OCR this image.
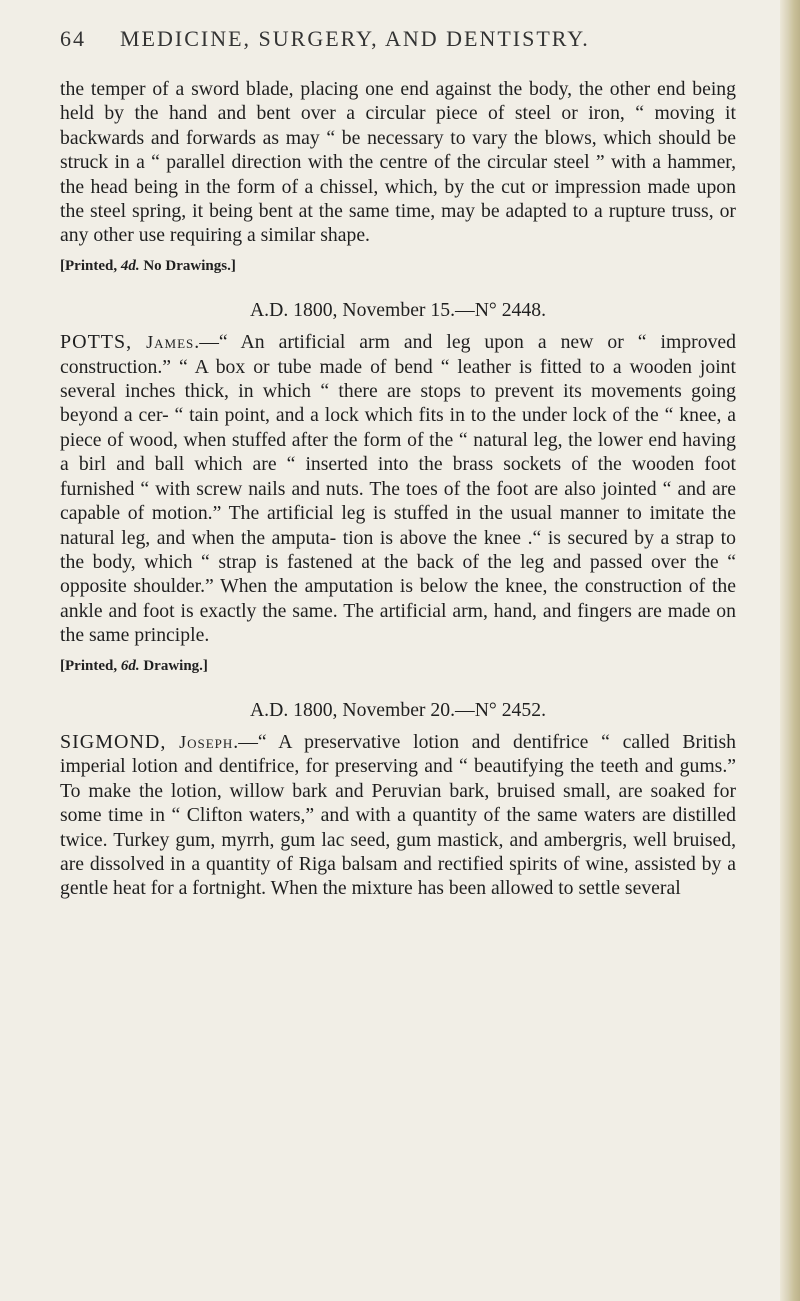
64 MEDICINE, SURGERY, AND DENTISTRY.

the temper of a sword blade, placing one end against the body, the other end being held by the hand and bent over a circular piece of steel or iron, “ moving it backwards and forwards as may “ be necessary to vary the blows, which should be struck in a “ parallel direction with the centre of the circular steel ” with a hammer, the head being in the form of a chissel, which, by the cut or impression made upon the steel spring, it being bent at the same time, may be adapted to a rupture truss, or any other use requiring a similar shape.

[Printed, 4d. No Drawings.]
A.D. 1800, November 15.—N° 2448.

POTTS, James.—“ An artificial arm and leg upon a new or “ improved construction.” “ A box or tube made of bend “ leather is fitted to a wooden joint several inches thick, in which “ there are stops to prevent its movements going beyond a cer- “ tain point, and a lock which fits in to the under lock of the “ knee, a piece of wood, when stuffed after the form of the “ natural leg, the lower end having a birl and ball which are “ inserted into the brass sockets of the wooden foot furnished “ with screw nails and nuts. The toes of the foot are also jointed “ and are capable of motion.” The artificial leg is stuffed in the usual manner to imitate the natural leg, and when the amputa- tion is above the knee .“ is secured by a strap to the body, which “ strap is fastened at the back of the leg and passed over the “ opposite shoulder.” When the amputation is below the knee, the construction of the ankle and foot is exactly the same. The artificial arm, hand, and fingers are made on the same principle.

[Printed, 6d. Drawing.]
A.D. 1800, November 20.—N° 2452.

SIGMOND, Joseph.—“ A preservative lotion and dentifrice “ called British imperial lotion and dentifrice, for preserving and “ beautifying the teeth and gums.” To make the lotion, willow bark and Peruvian bark, bruised small, are soaked for some time in “ Clifton waters,” and with a quantity of the same waters are distilled twice. Turkey gum, myrrh, gum lac seed, gum mastick, and ambergris, well bruised, are dissolved in a quantity of Riga balsam and rectified spirits of wine, assisted by a gentle heat for a fortnight. When the mixture has been allowed to settle several
